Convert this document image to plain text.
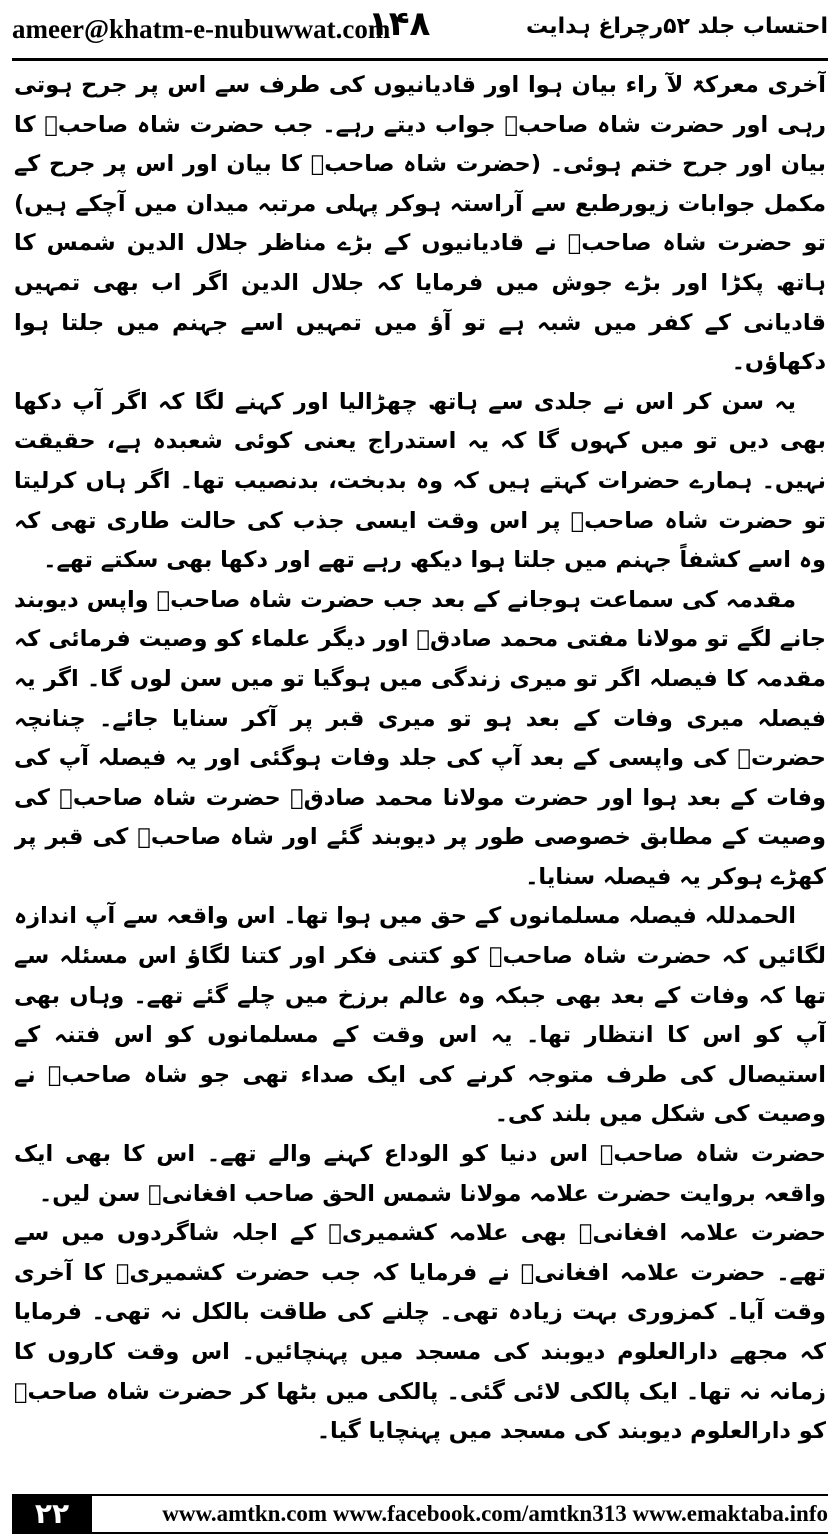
ameer@khatm-e-nubuwwat.com
۱۴۸	احتساب جلد ۵۲رچراغ ہدایت

آخری معرکۃ لآ راء بیان ہوا اور قادیانیوں کی طرف سے اس پر جرح ہوتی رہی اور حضرت شاہ صاحبؒ جواب دیتے رہے۔ جب حضرت شاہ صاحبؒ کا بیان اور جرح ختم ہوئی۔ (حضرت شاہ صاحبؒ کا بیان اور اس پر جرح کے مکمل جوابات زیورطبع سے آراستہ ہوکر پہلی مرتبہ میدان میں آچکے ہیں) تو حضرت شاہ صاحبؒ نے قادیانیوں کے بڑے مناظر جلال الدین شمس کا ہاتھ پکڑا اور بڑے جوش میں فرمایا کہ جلال الدین اگر اب بھی تمہیں قادیانی کے کفر میں شبہ ہے تو آؤ میں تمہیں اسے جہنم میں جلتا ہوا دکھاؤں۔

یہ سن کر اس نے جلدی سے ہاتھ چھڑالیا اور کہنے لگا کہ اگر آپ دکھا بھی دیں تو میں کہوں گا کہ یہ استدراج یعنی کوئی شعبدہ ہے، حقیقت نہیں۔ ہمارے حضرات کہتے ہیں کہ وہ بدبخت، بدنصیب تھا۔ اگر ہاں کرلیتا تو حضرت شاہ صاحبؒ پر اس وقت ایسی جذب کی حالت طاری تھی کہ وہ اسے کشفاً جہنم میں جلتا ہوا دیکھ رہے تھے اور دکھا بھی سکتے تھے۔

مقدمہ کی سماعت ہوجانے کے بعد جب حضرت شاہ صاحبؒ واپس دیوبند جانے لگے تو مولانا مفتی محمد صادقؒ اور دیگر علماء کو وصیت فرمائی کہ مقدمہ کا فیصلہ اگر تو میری زندگی میں ہوگیا تو میں سن لوں گا۔ اگر یہ فیصلہ میری وفات کے بعد ہو تو میری قبر پر آکر سنایا جائے۔ چنانچہ حضرتؒ کی واپسی کے بعد آپ کی جلد وفات ہوگئی اور یہ فیصلہ آپ کی وفات کے بعد ہوا اور حضرت مولانا محمد صادقؒ حضرت شاہ صاحبؒ کی وصیت کے مطابق خصوصی طور پر دیوبند گئے اور شاہ صاحبؒ کی قبر پر کھڑے ہوکر یہ فیصلہ سنایا۔

الحمدللہ فیصلہ مسلمانوں کے حق میں ہوا تھا۔ اس واقعہ سے آپ اندازہ لگائیں کہ حضرت شاہ صاحبؒ کو کتنی فکر اور کتنا لگاؤ اس مسئلہ سے تھا کہ وفات کے بعد بھی جبکہ وہ عالم برزخ میں چلے گئے تھے۔ وہاں بھی آپ کو اس کا انتظار تھا۔ یہ اس وقت کے مسلمانوں کو اس فتنہ کے استیصال کی طرف متوجہ کرنے کی ایک صداء تھی جو شاہ صاحبؒ نے وصیت کی شکل میں بلند کی۔

حضرت شاہ صاحبؒ اس دنیا کو الوداع کہنے والے تھے۔ اس کا بھی ایک واقعہ بروایت حضرت علامہ مولانا شمس الحق صاحب افغانیؒ سن لیں۔

حضرت علامہ افغانیؒ بھی علامہ کشمیریؒ کے اجلہ شاگردوں میں سے تھے۔ حضرت علامہ افغانیؒ نے فرمایا کہ جب حضرت کشمیریؒ کا آخری وقت آیا۔ کمزوری بہت زیادہ تھی۔ چلنے کی طاقت بالکل نہ تھی۔ فرمایا کہ مجھے دارالعلوم دیوبند کی مسجد میں پہنچائیں۔ اس وقت کاروں کا زمانہ نہ تھا۔ ایک پالکی لائی گئی۔ پالکی میں بٹھا کر حضرت شاہ صاحبؒ کو دارالعلوم دیوبند کی مسجد میں پہنچایا گیا۔

۲۲	www.amtkn.com www.facebook.com/amtkn313 www.emaktaba.info
